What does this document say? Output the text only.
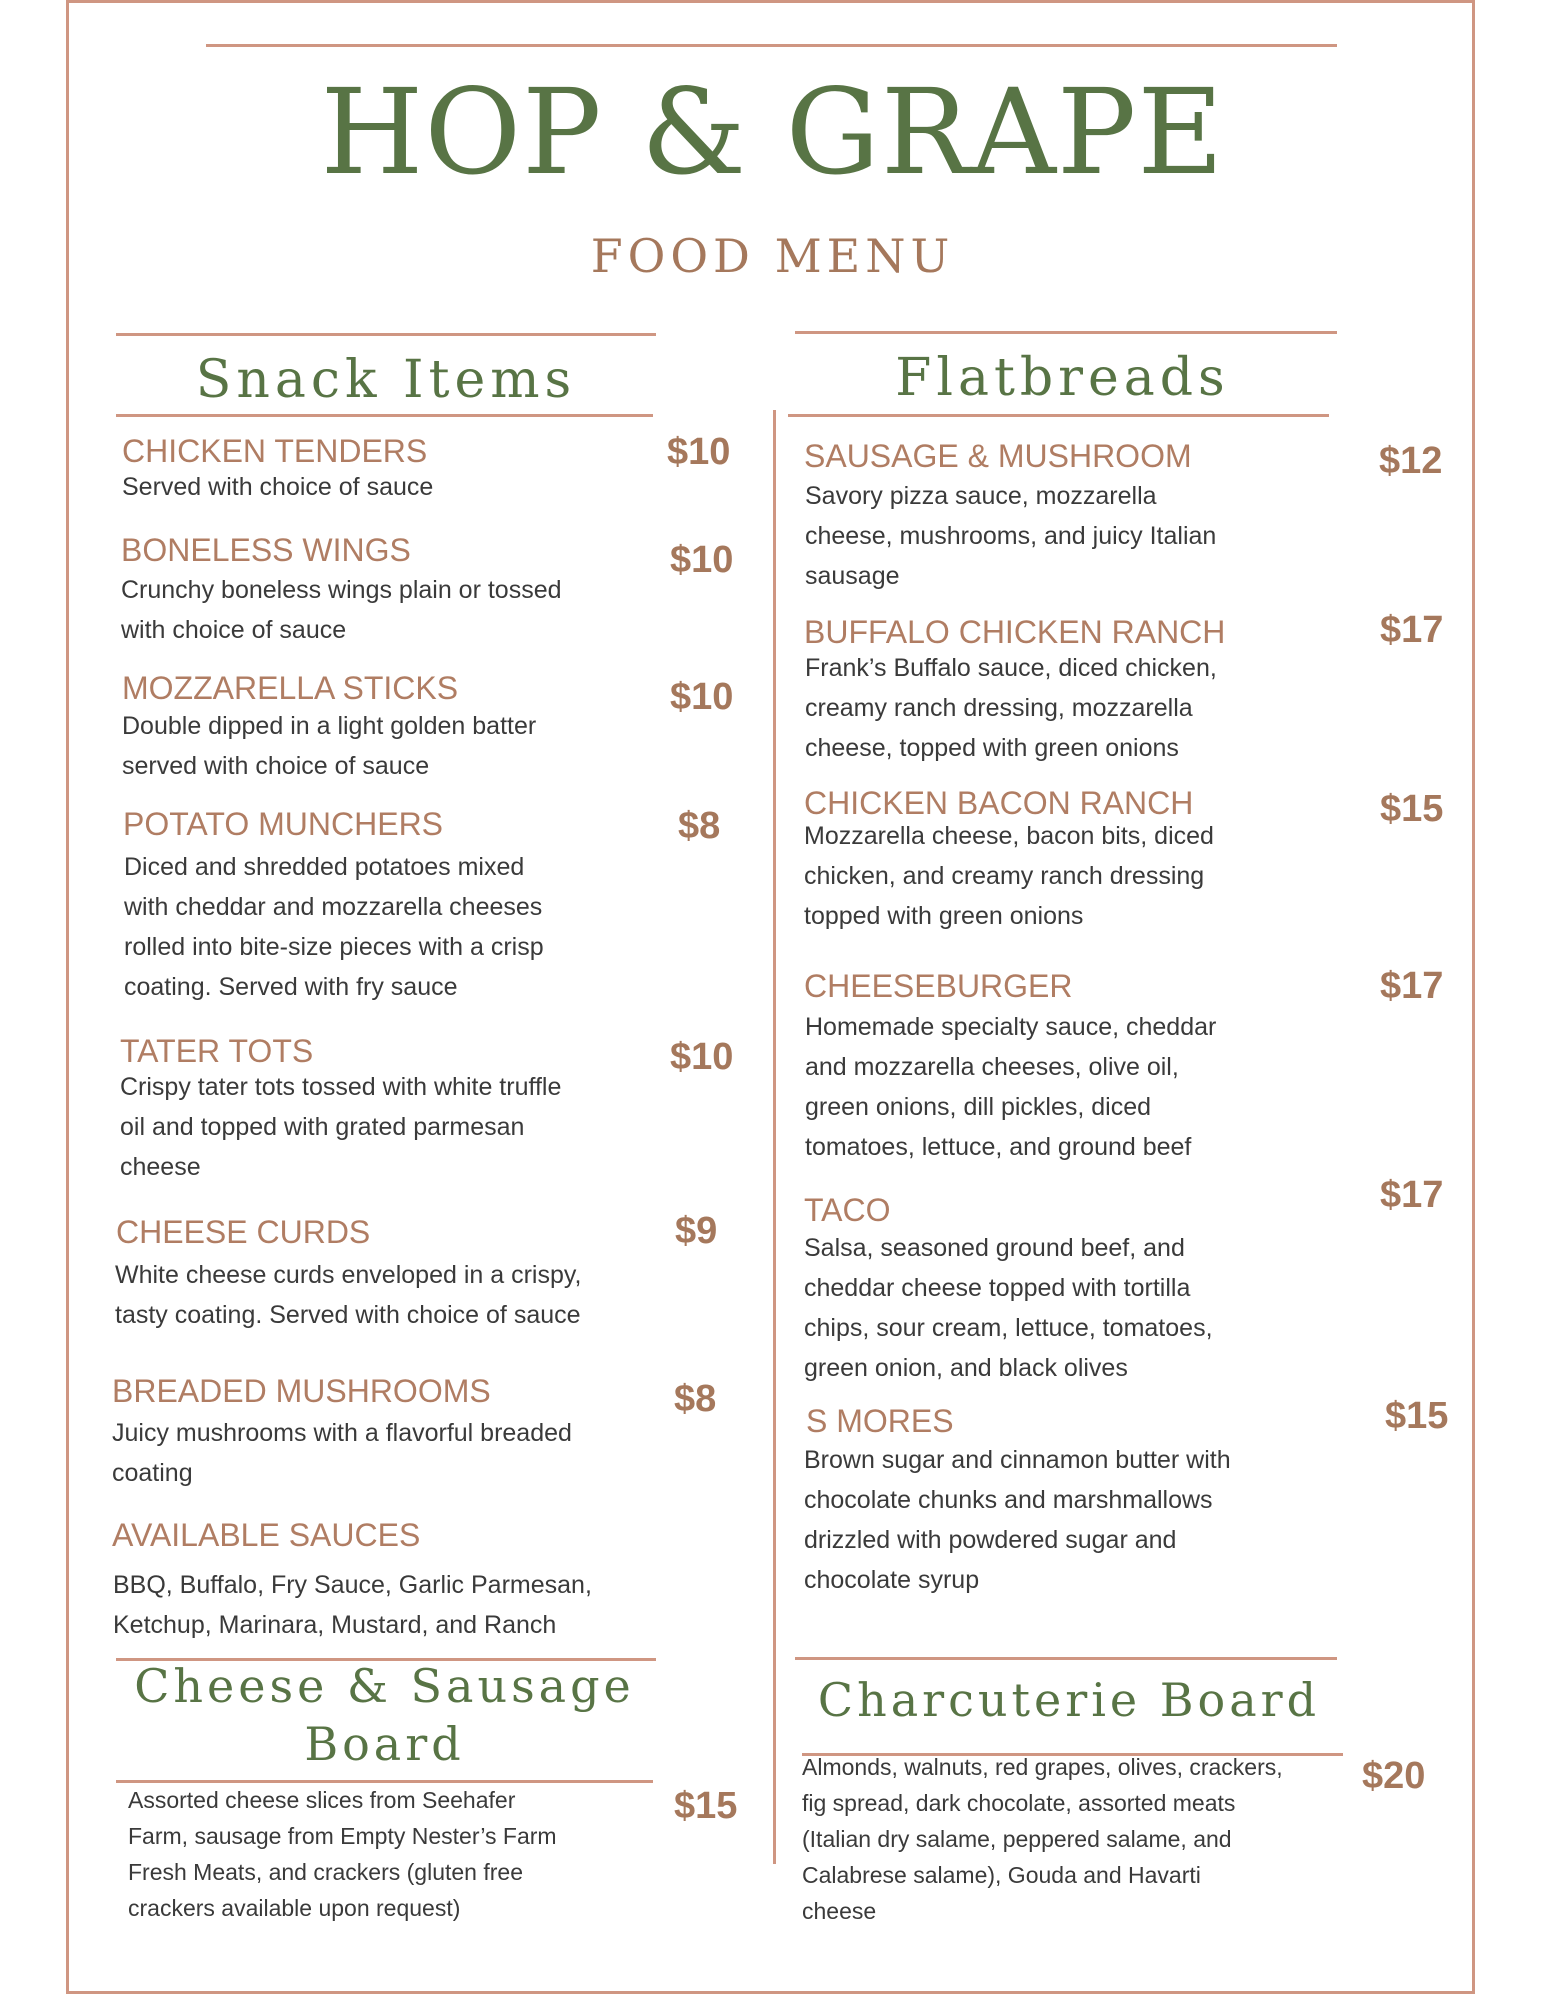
HOP & GRAPE
FOOD MENU
Snack Items	Flatbreads
CHICKEN TENDERS	$10
Served with choice of sauce
BONELESS WINGS	$10
Crunchy boneless wings plain or tossed
with choice of sauce
MOZZARELLA STICKS	$10
Double dipped in a light golden batter
served with choice of sauce
POTATO MUNCHERS	$8
Diced and shredded potatoes mixed
with cheddar and mozzarella cheeses
rolled into bite-size pieces with a crisp
coating. Served with fry sauce
TATER TOTS	$10
Crispy tater tots tossed with white truffle
oil and topped with grated parmesan
cheese
CHEESE CURDS	$9
White cheese curds enveloped in a crispy,
tasty coating. Served with choice of sauce
BREADED MUSHROOMS	$8
Juicy mushrooms with a flavorful breaded
coating
AVAILABLE SAUCES
BBQ, Buffalo, Fry Sauce, Garlic Parmesan,
Ketchup, Marinara, Mustard, and Ranch
SAUSAGE & MUSHROOM	$12
Savory pizza sauce, mozzarella
cheese, mushrooms, and juicy Italian
sausage
BUFFALO CHICKEN RANCH	$17
Frank’s Buffalo sauce, diced chicken,
creamy ranch dressing, mozzarella
cheese, topped with green onions
CHICKEN BACON RANCH	$15
Mozzarella cheese, bacon bits, diced
chicken, and creamy ranch dressing
topped with green onions
CHEESEBURGER	$17
Homemade specialty sauce, cheddar
and mozzarella cheeses, olive oil,
green onions, dill pickles, diced
tomatoes, lettuce, and ground beef
TACO	$17
Salsa, seasoned ground beef, and
cheddar cheese topped with tortilla
chips, sour cream, lettuce, tomatoes,
green onion, and black olives
S MORES	$15
Brown sugar and cinnamon butter with
chocolate chunks and marshmallows
drizzled with powdered sugar and
chocolate syrup
Cheese & Sausage
Board
$15
Assorted cheese slices from Seehafer
Farm, sausage from Empty Nester’s Farm
Fresh Meats, and crackers (gluten free
crackers available upon request)
Charcuterie Board
$20
Almonds, walnuts, red grapes, olives, crackers,
fig spread, dark chocolate, assorted meats
(Italian dry salame, peppered salame, and
Calabrese salame), Gouda and Havarti
cheese
